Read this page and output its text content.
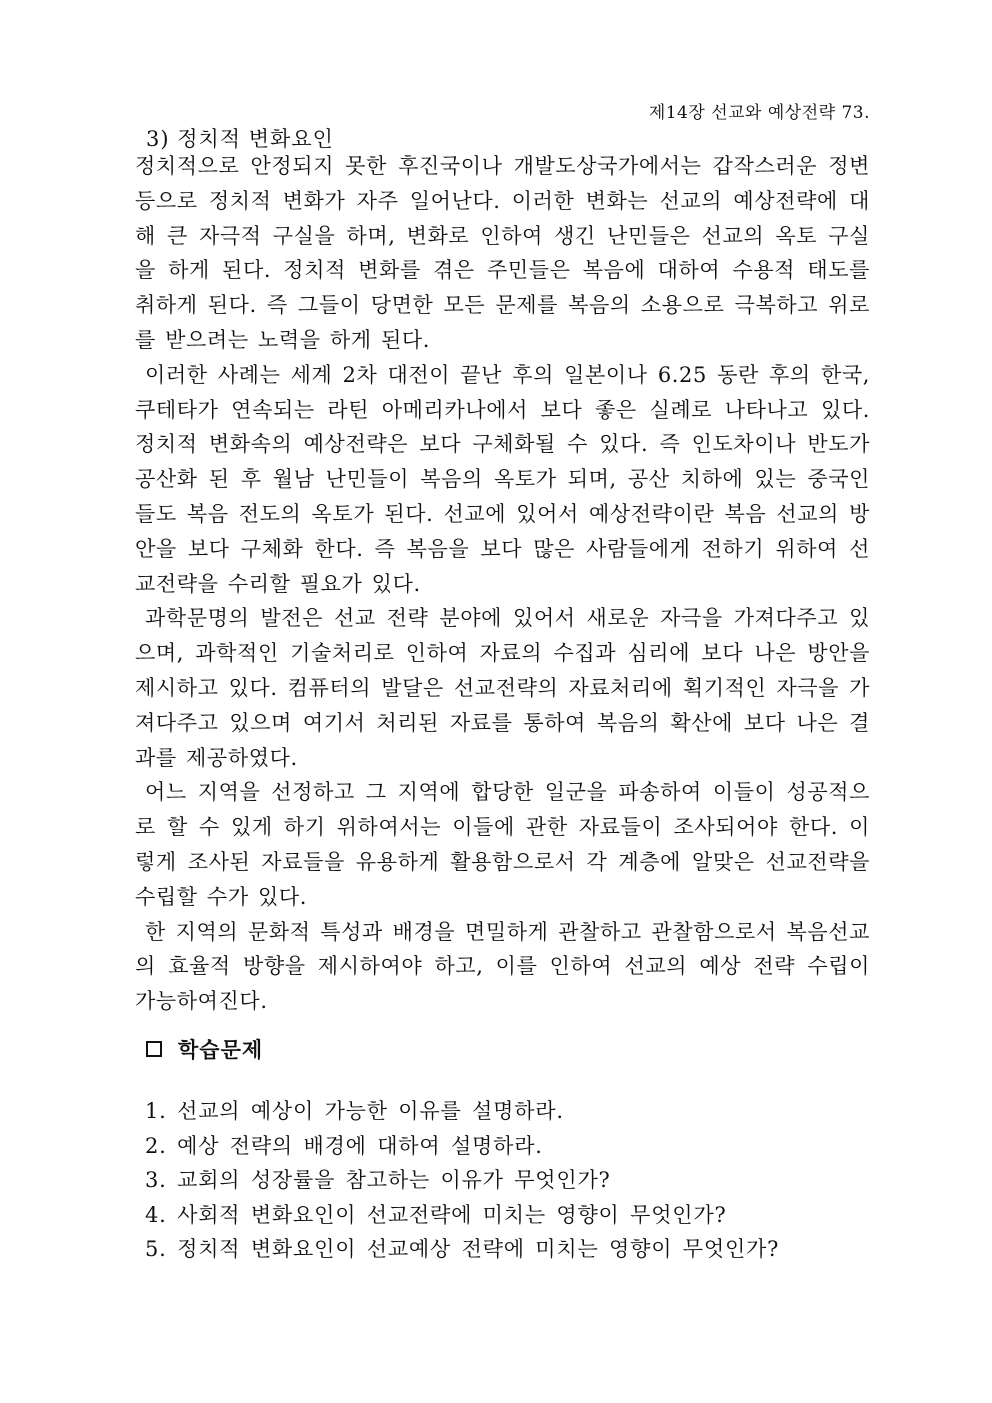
제14장 선교와 예상전략 73.
3) 정치적 변화요인

정치적으로 안정되지 못한 후진국이나 개발도상국가에서는 갑작스러운 정변 등으로 정치적 변화가 자주 일어난다. 이러한 변화는 선교의 예상전략에 대해 큰 자극적 구실을 하며, 변화로 인하여 생긴 난민들은 선교의 옥토 구실을 하게 된다. 정치적 변화를 겪은 주민들은 복음에 대하여 수용적 태도를 취하게 된다. 즉 그들이 당면한 모든 문제를 복음의 소용으로 극복하고 위로를 받으려는 노력을 하게 된다.

이러한 사례는 세계 2차 대전이 끝난 후의 일본이나 6.25 동란 후의 한국, 쿠테타가 연속되는 라틴 아메리카나에서 보다 좋은 실례로 나타나고 있다. 정치적 변화속의 예상전략은 보다 구체화될 수 있다. 즉 인도차이나 반도가 공산화 된 후 월남 난민들이 복음의 옥토가 되며, 공산 치하에 있는 중국인들도 복음 전도의 옥토가 된다. 선교에 있어서 예상전략이란 복음 선교의 방안을 보다 구체화 한다. 즉 복음을 보다 많은 사람들에게 전하기 위하여 선교전략을 수리할 필요가 있다.

과학문명의 발전은 선교 전략 분야에 있어서 새로운 자극을 가져다주고 있으며, 과학적인 기술처리로 인하여 자료의 수집과 심리에 보다 나은 방안을 제시하고 있다. 컴퓨터의 발달은 선교전략의 자료처리에 획기적인 자극을 가져다주고 있으며 여기서 처리된 자료를 통하여 복음의 확산에 보다 나은 결과를 제공하였다.

어느 지역을 선정하고 그 지역에 합당한 일군을 파송하여 이들이 성공적으로 할 수 있게 하기 위하여서는 이들에 관한 자료들이 조사되어야 한다. 이렇게 조사된 자료들을 유용하게 활용함으로서 각 계층에 알맞은 선교전략을 수립할 수가 있다.

한 지역의 문화적 특성과 배경을 면밀하게 관찰하고 관찰함으로서 복음선교의 효율적 방향을 제시하여야 하고, 이를 인하여 선교의 예상 전략 수립이 가능하여진다.

학습문제
1. 선교의 예상이 가능한 이유를 설명하라.
2. 예상 전략의 배경에 대하여 설명하라.
3. 교회의 성장률을 참고하는 이유가 무엇인가?
4. 사회적 변화요인이 선교전략에 미치는 영향이 무엇인가?
5. 정치적 변화요인이 선교예상 전략에 미치는 영향이 무엇인가?
